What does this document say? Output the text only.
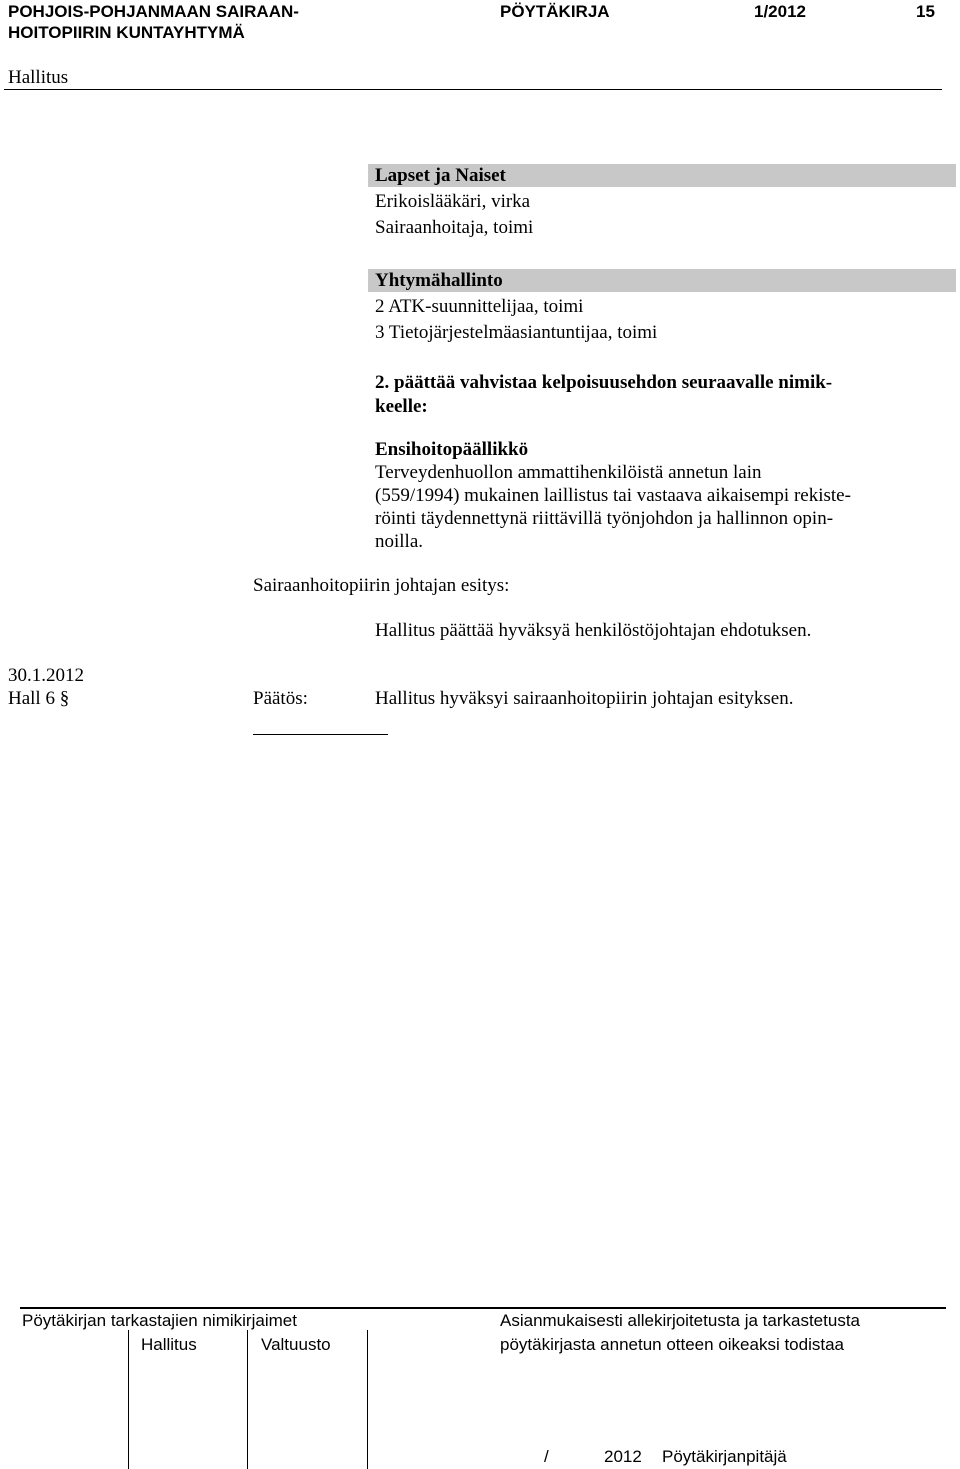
POHJOIS-POHJANMAAN SAIRAAN-
HOITOPIIRIN KUNTAYHTYMÄ
PÖYTÄKIRJA	1/2012	15
Hallitus
Lapset ja Naiset
Erikoislääkäri, virka
Sairaanhoitaja, toimi
Yhtymähallinto
2 ATK-suunnittelijaa, toimi
3 Tietojärjestelmäasiantuntijaa, toimi
2. päättää vahvistaa kelpoisuusehdon seuraavalle nimik-
keelle:
Ensihoitopäällikkö
Terveydenhuollon ammattihenkilöistä annetun lain
(559/1994) mukainen laillistus tai vastaava aikaisempi rekiste-
röinti täydennettynä riittävillä työnjohdon ja hallinnon opin-
noilla.
Sairaanhoitopiirin johtajan esitys:
Hallitus päättää hyväksyä henkilöstöjohtajan ehdotuksen.
30.1.2012
Hall 6 §	Päätös:	Hallitus hyväksyi sairaanhoitopiirin johtajan esityksen.
Pöytäkirjan tarkastajien nimikirjaimet
Hallitus	Valtuusto
Asianmukaisesti allekirjoitetusta ja tarkastetusta
pöytäkirjasta annetun otteen oikeaksi todistaa
/	2012 Pöytäkirjanpitäjä
